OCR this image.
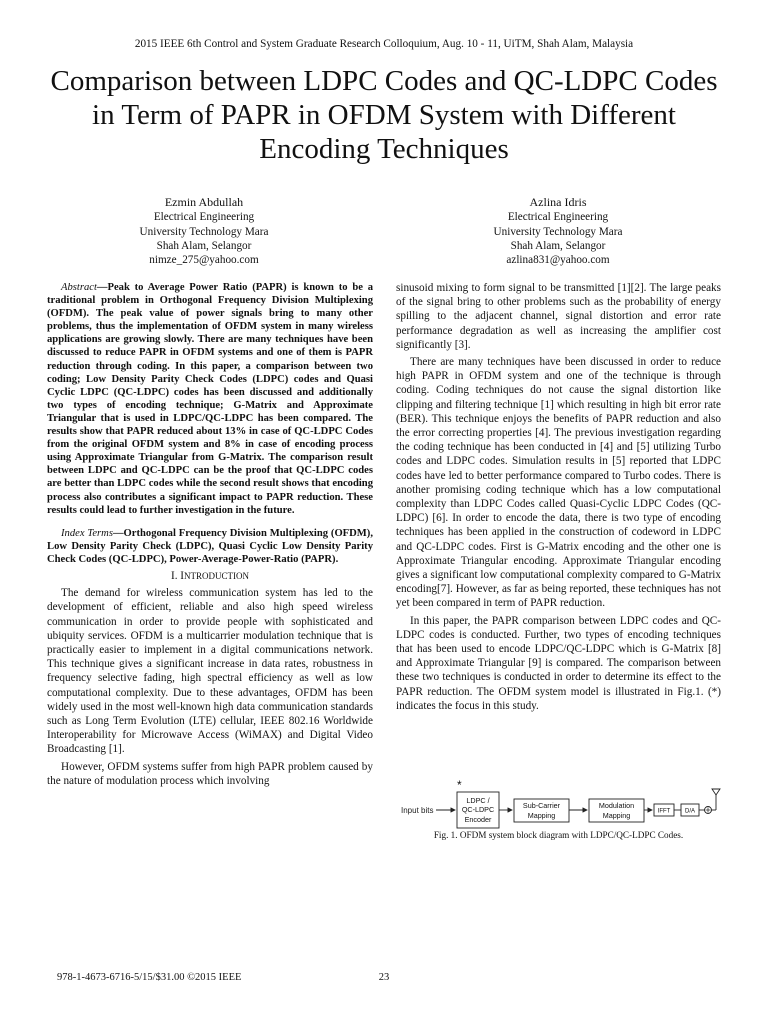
2015 IEEE 6th Control and System Graduate Research Colloquium, Aug. 10 - 11, UiTM, Shah Alam, Malaysia
Comparison between LDPC Codes and QC-LDPC Codes in Term of PAPR in OFDM System with Different Encoding Techniques
Ezmin Abdullah
Electrical Engineering
University Technology Mara
Shah Alam, Selangor
nimze_275@yahoo.com
Azlina Idris
Electrical Engineering
University Technology Mara
Shah Alam, Selangor
azlina831@yahoo.com

Abstract—Peak to Average Power Ratio (PAPR) is known to be a traditional problem in Orthogonal Frequency Division Multiplexing (OFDM). The peak value of power signals bring to many other problems, thus the implementation of OFDM system in many wireless applications are growing slowly. There are many techniques have been discussed to reduce PAPR in OFDM systems and one of them is PAPR reduction through coding. In this paper, a comparison between two coding; Low Density Parity Check Codes (LDPC) codes and Quasi Cyclic LDPC (QC-LDPC) codes has been discussed and additionally two types of encoding technique; G-Matrix and Approximate Triangular that is used in LDPC/QC-LDPC has been compared. The results show that PAPR reduced about 13% in case of QC-LDPC Codes from the original OFDM system and 8% in case of encoding process using Approximate Triangular from G-Matrix. The comparison result between LDPC and QC-LDPC can be the proof that QC-LDPC codes are better than LDPC codes while the second result shows that encoding process also contributes a significant impact to PAPR reduction. These results could lead to further investigation in the future.

Index Terms—Orthogonal Frequency Division Multiplexing (OFDM), Low Density Parity Check (LDPC), Quasi Cyclic Low Density Parity Check Codes (QC-LDPC), Power-Average-Power-Ratio (PAPR).

I. INTRODUCTION

The demand for wireless communication system has led to the development of efficient, reliable and also high speed wireless communication in order to provide people with sophisticated and ubiquity services. OFDM is a multicarrier modulation technique that is practically easier to implement in a digital communications network. This technique gives a significant increase in data rates, robustness in frequency selective fading, high spectral efficiency as well as low computational complexity. Due to these advantages, OFDM has been widely used in the most well-known high data communication standards such as Long Term Evolution (LTE) cellular, IEEE 802.16 Worldwide Interoperability for Microwave Access (WiMAX) and Digital Video Broadcasting [1].

However, OFDM systems suffer from high PAPR problem caused by the nature of modulation process which involving

sinusoid mixing to form signal to be transmitted [1][2]. The large peaks of the signal bring to other problems such as the probability of energy spilling to the adjacent channel, signal distortion and error rate performance degradation as well as increasing the amplifier cost significantly [3].

There are many techniques have been discussed in order to reduce high PAPR in OFDM system and one of the technique is through coding. Coding techniques do not cause the signal distortion like clipping and filtering technique [1] which resulting in high bit error rate (BER). This technique enjoys the benefits of PAPR reduction and also the error correcting properties [4]. The previous investigation regarding the coding technique has been conducted in [4] and [5] utilizing Turbo codes and LDPC codes. Simulation results in [5] reported that LDPC codes have led to better performance compared to Turbo codes. There is another promising coding technique which has a low computational complexity than LDPC Codes called Quasi-Cyclic LDPC Codes (QC-LDPC) [6]. In order to encode the data, there is two type of encoding techniques has been applied in the construction of codeword in LDPC and QC-LDPC codes. First is G-Matrix encoding and the other one is Approximate Triangular encoding. Approximate Triangular encoding gives a significant low computational complexity compared to G-Matrix encoding[7]. However, as far as being reported, these techniques has not yet been compared in term of PAPR reduction.

In this paper, the PAPR comparison between LDPC codes and QC-LDPC codes is conducted. Further, two types of encoding techniques that has been used to encode LDPC/QC-LDPC which is G-Matrix [8] and Approximate Triangular [9] is compared. The comparison between these two techniques is conducted in order to determine its effect to the PAPR reduction. The OFDM system model is illustrated in Fig.1. (*) indicates the focus in this study.

Input bits
*
LDPC /
QC-LDPC
Encoder
Sub-Carrier
Mapping
Modulation
Mapping	IFFT D/A
Fig. 1. OFDM system block diagram with LDPC/QC-LDPC Codes.
978-1-4673-6716-5/15/$31.00 ©2015 IEEE	23
